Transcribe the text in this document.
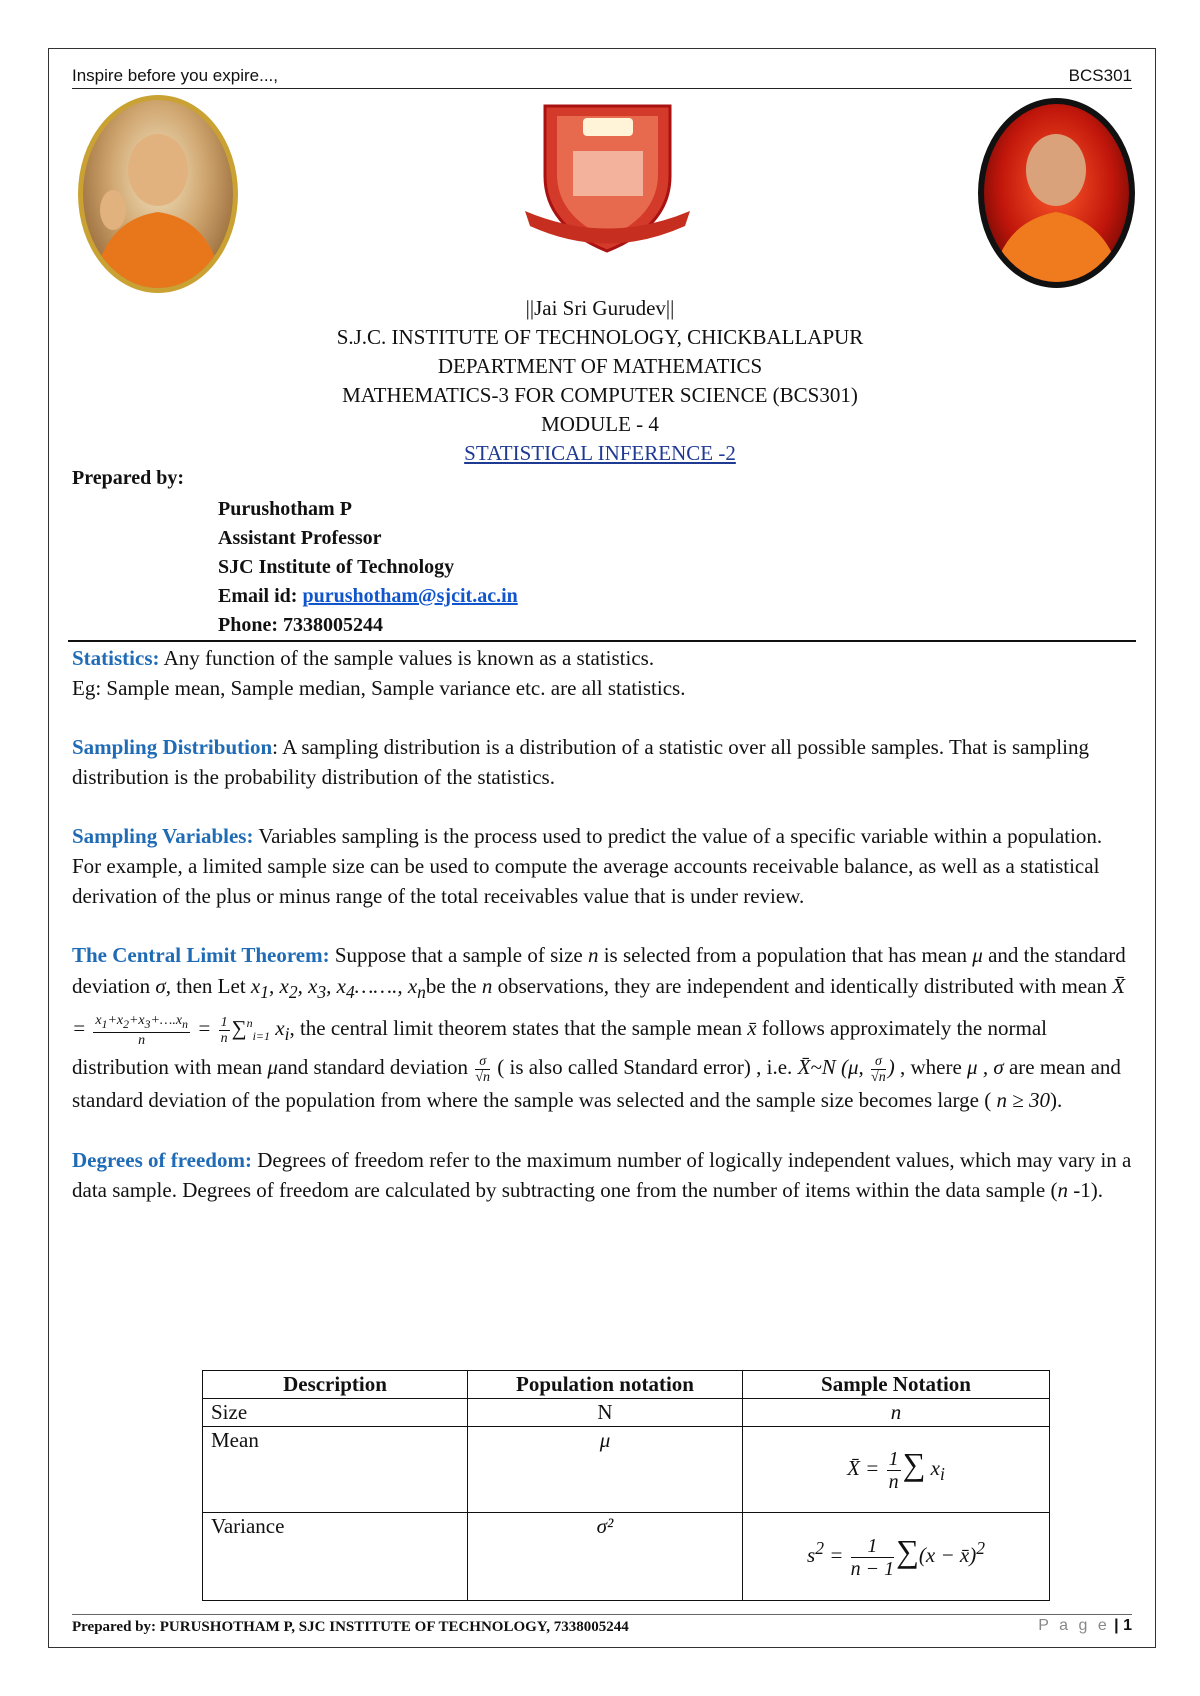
Inspire before you expire...,	BCS301
||Jai Sri Gurudev||
S.J.C. INSTITUTE OF TECHNOLOGY, CHICKBALLAPUR
DEPARTMENT OF MATHEMATICS
MATHEMATICS-3 FOR COMPUTER SCIENCE (BCS301)
MODULE - 4
STATISTICAL INFERENCE -2
Prepared by:
Purushotham P
Assistant Professor
SJC Institute of Technology
Email id: purushotham@sjcit.ac.in
Phone: 7338005244

Statistics: Any function of the sample values is known as a statistics.
Eg: Sample mean, Sample median, Sample variance etc. are all statistics.

Sampling Distribution: A sampling distribution is a distribution of a statistic over all possible samples. That is sampling distribution is the probability distribution of the statistics.

Sampling Variables: Variables sampling is the process used to predict the value of a specific variable within a population. For example, a limited sample size can be used to compute the average accounts receivable balance, as well as a statistical derivation of the plus or minus range of the total receivables value that is under review.

The Central Limit Theorem: Suppose that a sample of size n is selected from a population that has mean μ and the standard deviation σ, then Let $x_1$, $x_2$, $x_3$, $x_4\dots\dots$., $x_nbe$ the n observations, they are independent and identically distributed with mean X̄ = $\frac{x_1+x_2+x_3+\dots.x_n}{n} = \frac{1}{n} \sum^n_{i=1}$ $x_i$, the central limit theorem states that the sample mean x̄ follows approximately the normal distribution with mean μand standard deviation $\frac{\sigma}{√n}$ ( is also called Standard error) , i.e. X̄~N (μ, $\frac{\sigma}{√n}$ ) , where μ , σ are mean and standard deviation of the population from where the sample was selected and the sample size becomes large ( n ≥ 30).

Degrees of freedom: Degrees of freedom refer to the maximum number of logically independent values, which may vary in a data sample. Degrees of freedom are calculated by subtracting one from the number of items within the data sample (n -1).

Description	Population notation	Sample Notation
Size	N	n
Mean	μ	X̄ = $\frac{1}{n}$ ∑ $x_i$
Variance	σ²	$s^2 = \frac{1}{n - 1} \sum(x$ − x̄)$^2$
Prepared by: PURUSHOTHAM P, SJC INSTITUTE OF TECHNOLOGY, 7338005244	P a g e | 1
